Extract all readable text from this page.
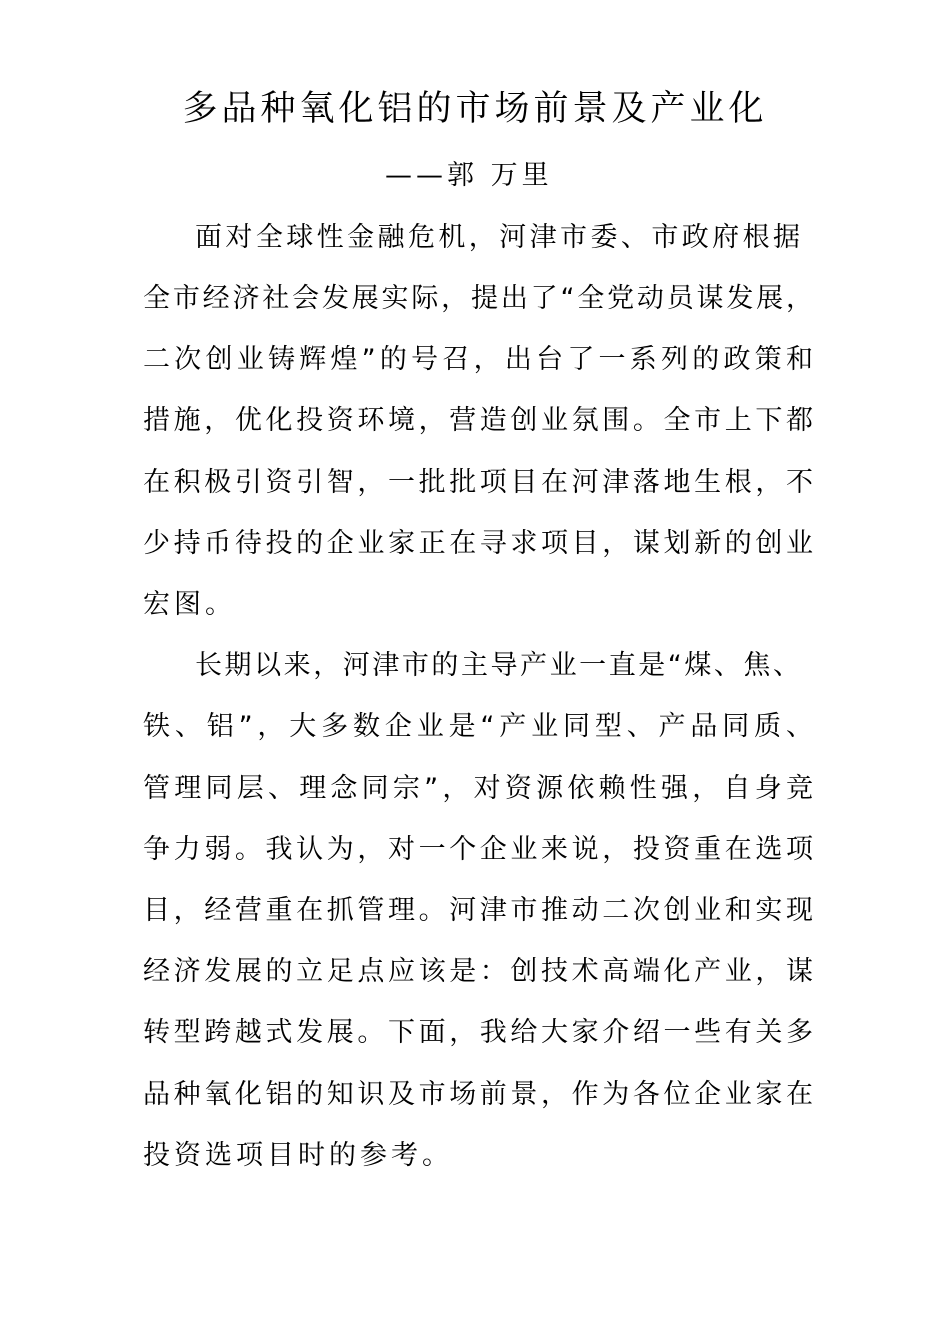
多品种氧化铝的市场前景及产业化
——郭 万里
面对全球性金融危机，河津市委、市政府根据
全市经济社会发展实际，提出了“全党动员谋发展，
二次创业铸辉煌”的号召，出台了一系列的政策和
措施，优化投资环境，营造创业氛围。全市上下都
在积极引资引智，一批批项目在河津落地生根，不
少持币待投的企业家正在寻求项目，谋划新的创业
宏图。
长期以来，河津市的主导产业一直是“煤、焦、
铁、铝”，大多数企业是“产业同型、产品同质、
管理同层、理念同宗”，对资源依赖性强，自身竞
争力弱。我认为，对一个企业来说，投资重在选项
目，经营重在抓管理。河津市推动二次创业和实现
经济发展的立足点应该是：创技术高端化产业，谋
转型跨越式发展。下面，我给大家介绍一些有关多
品种氧化铝的知识及市场前景，作为各位企业家在
投资选项目时的参考。
